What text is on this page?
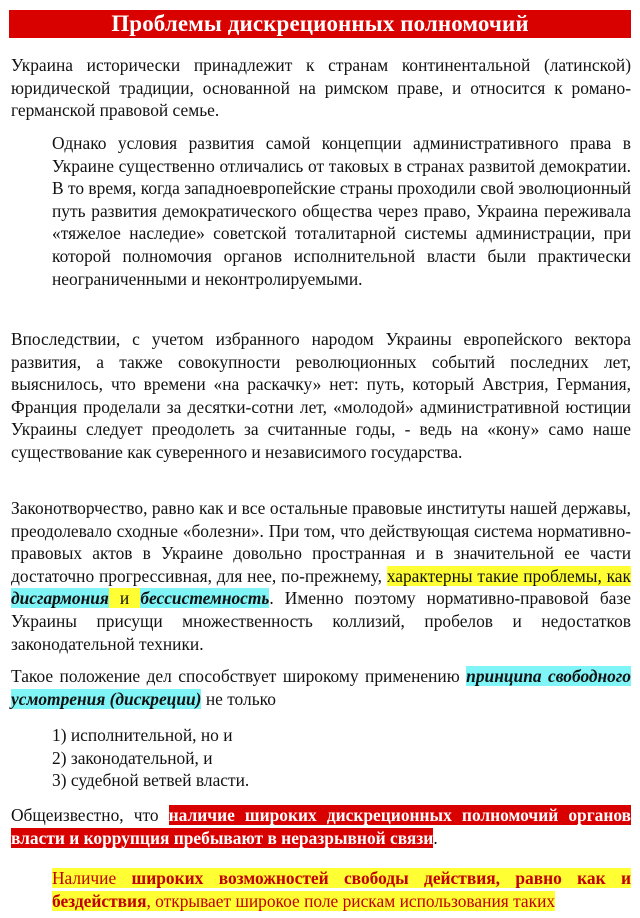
Проблемы дискреционных полномочий

Украина исторически принадлежит к странам континентальной (латинской) юридической традиции, основанной на римском праве, и относится к романо-германской правовой семье.

Однако условия развития самой концепции административного права в Украине существенно отличались от таковых в странах развитой демократии. В то время, когда западноевропейские страны проходили свой эволюционный путь развития демократического общества через право, Украина переживала «тяжелое наследие» советской тоталитарной системы администрации, при которой полномочия органов исполнительной власти были практически неограниченными и неконтролируемыми.

Впоследствии, с учетом избранного народом Украины европейского вектора развития, а также совокупности революционных событий последних лет, выяснилось, что времени «на раскачку» нет: путь, который Австрия, Германия, Франция проделали за десятки-сотни лет, «молодой» административной юстиции Украины следует преодолеть за считанные годы, - ведь на «кону» само наше существование как суверенного и независимого государства.

Законотворчество, равно как и все остальные правовые институты нашей державы, преодолевало сходные «болезни». При том, что действующая система нормативно-правовых актов в Украине довольно пространная и в значительной ее части достаточно прогрессивная, для нее, по-прежнему, характерны такие проблемы, как дисгармония и бессистемность. Именно поэтому нормативно-правовой базе Украины присущи множественность коллизий, пробелов и недостатков законодательной техники.

Такое положение дел способствует широкому применению принципа свободного усмотрения (дискреции) не только

1) исполнительной, но и
2) законодательной, и
3) судебной ветвей власти.

Общеизвестно, что наличие широких дискреционных полномочий органов власти и коррупция пребывают в неразрывной связи.

Наличие широких возможностей свободы действия, равно как и бездействия, открывает широкое поле рискам использования таких
